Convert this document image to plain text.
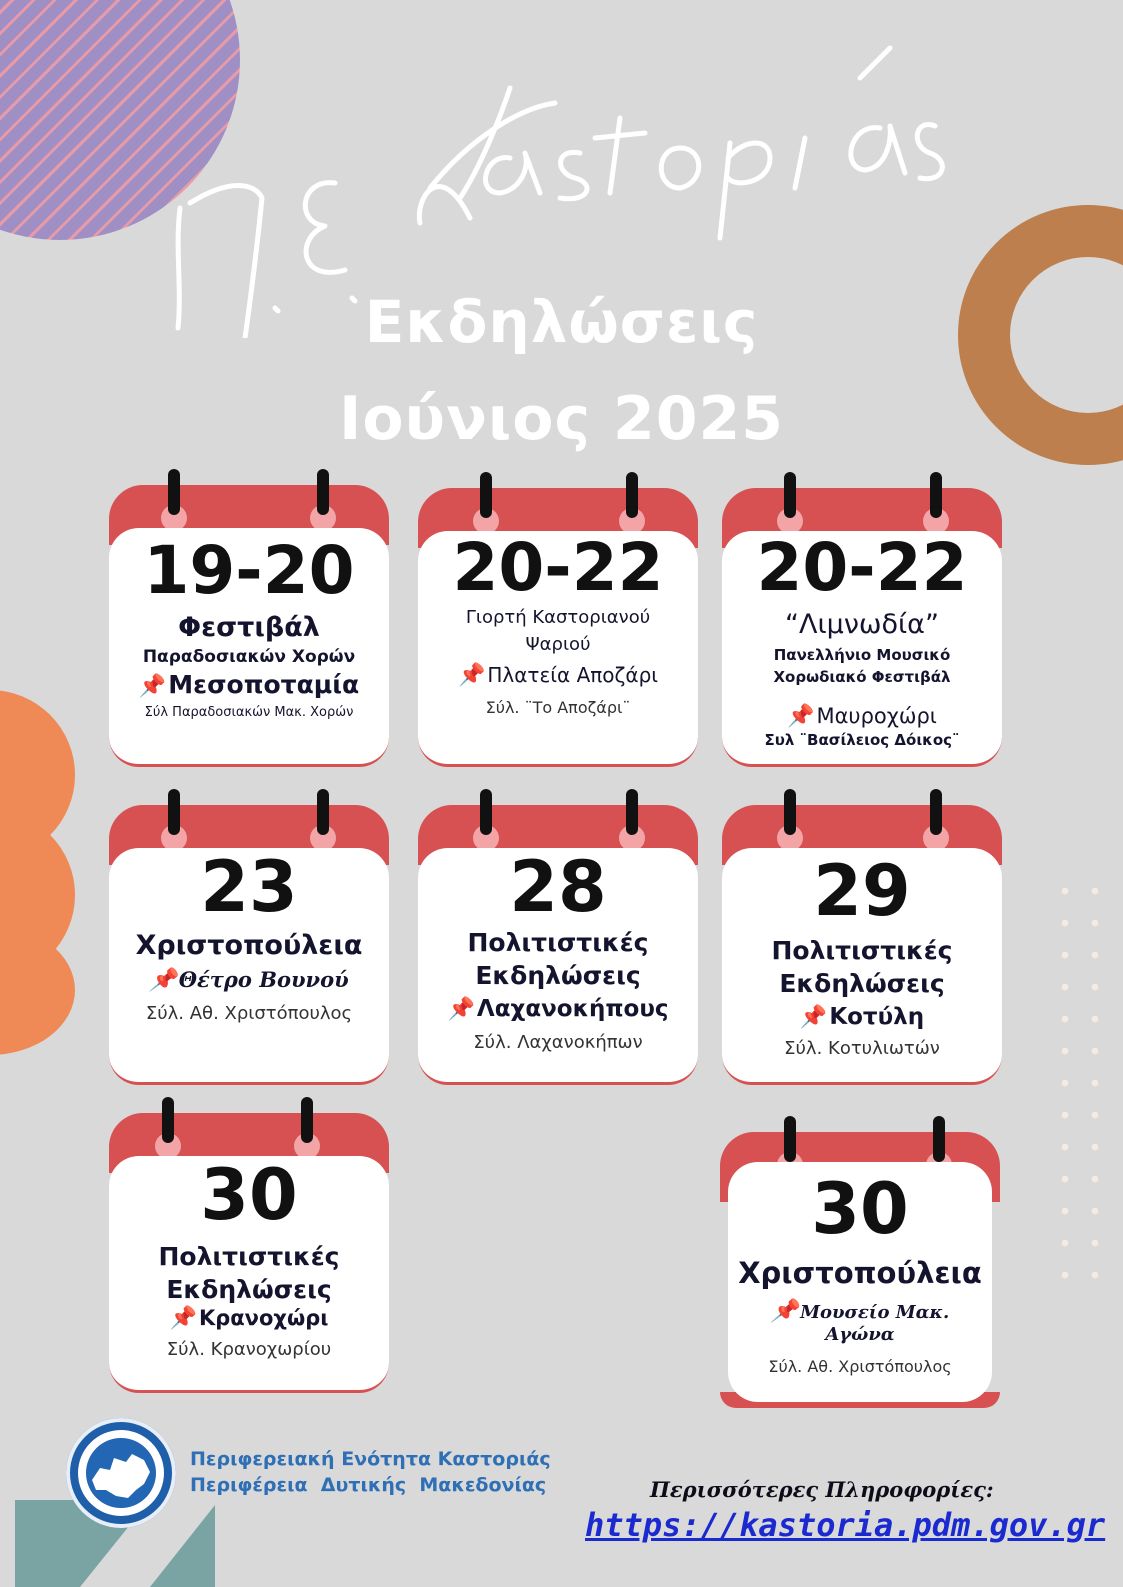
Εκδηλώσεις
Ιούνιος 2025
19-20
Φεστιβάλ
Παραδοσιακών Χορών
📌Μεσοποταμία
Σύλ Παραδοσιακών Μακ. Χορών
20-22
Γιορτή Καστοριανού
Ψαριού
📌 Πλατεία Αποζάρι
Σύλ. ¨Το Αποζάρι¨
20-22
“Λιμνωδία”
Πανελλήνιο Μουσικό
Χορωδιακό Φεστιβάλ
📌Μαυροχώρι
Συλ ¨Βασίλειος Δόικος¨
23
Χριστοπούλεια
📌Θέτρο Βουνού
Σύλ. Αθ. Χριστόπουλος
28
Πολιτιστικές
Εκδηλώσεις
📌Λαχανοκήπους
Σύλ. Λαχανοκήπων
29
Πολιτιστικές
Εκδηλώσεις
📌Κοτύλη
Σύλ. Κοτυλιωτών
30
Πολιτιστικές
Εκδηλώσεις
📌Κρανοχώρι
Σύλ. Κρανοχωρίου
30
Χριστοπούλεια
📌 Μουσείο Μακ. Αγώνα
Σύλ. Αθ. Χριστόπουλος
Περιφερειακή Ενότητα Καστοριάς
Περιφέρεια  Δυτικής  Μακεδονίας	Περισσότερες Πληροφορίες:
https://kastoria.pdm.gov.gr
